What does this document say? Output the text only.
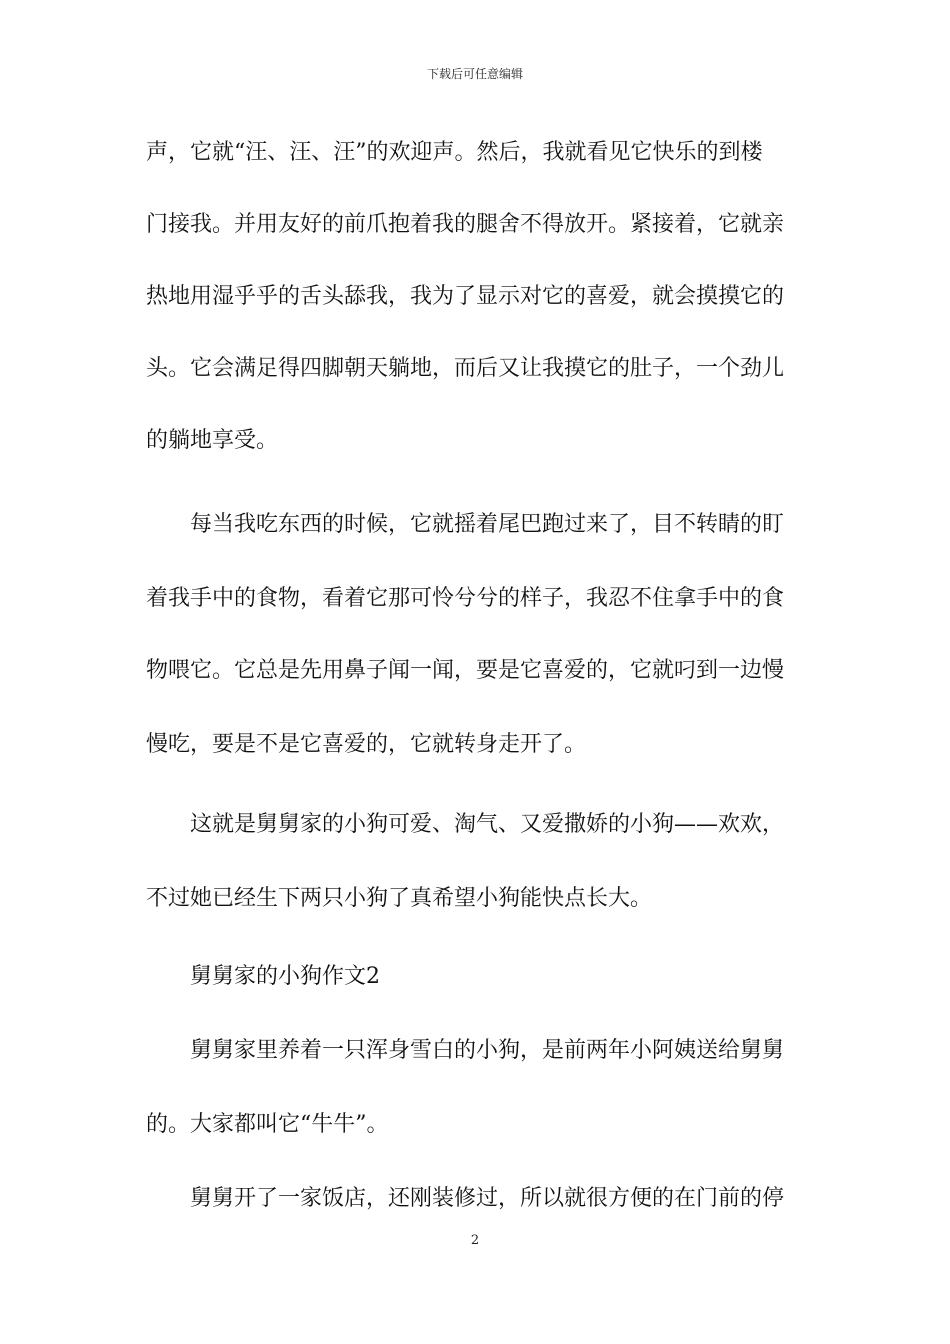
下载后可任意编辑
声，它就“汪、汪、汪”的欢迎声。然后，我就看见它快乐的到楼
门接我。并用友好的前爪抱着我的腿舍不得放开。紧接着，它就亲
热地用湿乎乎的舌头舔我，我为了显示对它的喜爱，就会摸摸它的
头。它会满足得四脚朝天躺地，而后又让我摸它的肚子，一个劲儿
的躺地享受。
每当我吃东西的时候，它就摇着尾巴跑过来了，目不转睛的盯
着我手中的食物，看着它那可怜兮兮的样子，我忍不住拿手中的食
物喂它。它总是先用鼻子闻一闻，要是它喜爱的，它就叼到一边慢
慢吃，要是不是它喜爱的，它就转身走开了。
这就是舅舅家的小狗可爱、淘气、又爱撒娇的小狗——欢欢，
不过她已经生下两只小狗了真希望小狗能快点长大。
舅舅家的小狗作文2
舅舅家里养着一只浑身雪白的小狗，是前两年小阿姨送给舅舅
的。大家都叫它“牛牛”。
舅舅开了一家饭店，还刚装修过，所以就很方便的在门前的停
2
